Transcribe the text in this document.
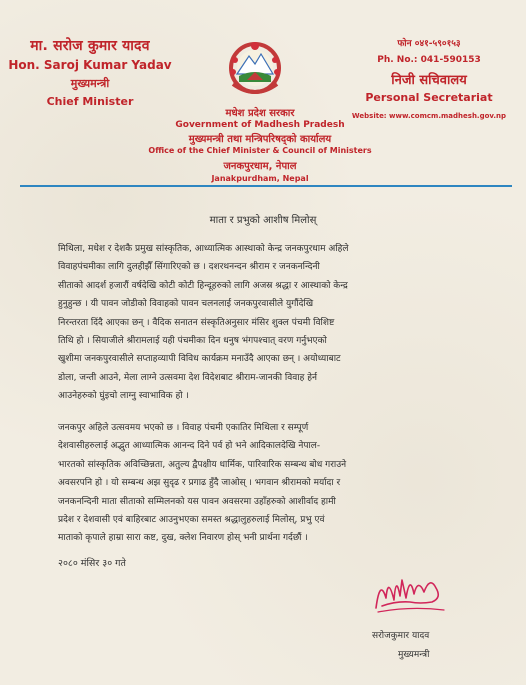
मा. सरोज कुमार यादव
Hon. Saroj Kumar Yadav
मुख्यमन्त्री
Chief Minister
मधेश प्रदेश सरकार
Government of Madhesh Pradesh
मुख्यमन्त्री तथा मन्त्रिपरिषद्को कार्यालय
Office of the Chief Minister & Council of Ministers
जनकपुरधाम, नेपाल
Janakpurdham, Nepal
फोन ०४१-५९०१५३
Ph. No.: 041-590153
निजी सचिवालय
Personal Secretariat
Website: www.comcm.madhesh.gov.np
माता र प्रभुको आशीष मिलोस्
मिथिला, मधेश र देशकै प्रमुख सांस्कृतिक, आध्यात्मिक आस्थाको केन्द्र जनकपुरधाम अहिले
विवाहपंचमीका लागि दुलहीझैँ सिंगारिएको छ । दशरथनन्दन श्रीराम र जनकनन्दिनी
सीताको आदर्श हजारौं वर्षदेखि कोटी कोटी हिन्दूहरुको लागि अजस्र श्रद्धा र आस्थाको केन्द्र
हुनुहुन्छ । यी पावन जोडीको विवाहको पावन चलनलाई जनकपुरवासीले युगौंदेखि
निरन्तरता दिंदै आएका छन् । वैदिक सनातन संस्कृतिअनुसार मंसिर शुक्ल पंचमी विशिष्ट
तिथि हो । सियाजीले श्रीरामलाई यही पंचमीका दिन धनुष भंगपश्चात् वरण गर्नुभएको
खुशीमा जनकपुरवासीले सप्ताहव्यापी विविध कार्यक्रम मनाउँदै आएका छन् । अयोध्याबाट
डोला, जन्ती आउने, मेला लाग्ने उत्सवमा देश विदेशबाट श्रीराम-जानकी विवाह हेर्न
आउनेहरुको घुंइचो लाग्नु स्वाभाविक हो ।
जनकपुर अहिले उत्सवमय भएको छ । विवाह पंचमी एकातिर मिथिला र सम्पूर्ण
देशवासीहरुलाई अद्भुत आध्यात्मिक आनन्द दिने पर्व हो भने आदिकालदेखि नेपाल-
भारतको सांस्कृतिक अविच्छिन्नता, अतुल्य द्वैपक्षीय धार्मिक, पारिवारिक सम्बन्ध बोध गराउने
अवसरपनि हो । यो सम्बन्ध अझ सुदृढ र प्रगाढ हुँदै जाओस् । भगवान श्रीरामको मर्यादा र
जनकनन्दिनी माता सीताको सम्मिलनको यस पावन अवसरमा उहाँहरुको आशीर्वाद हामी
प्रदेश र देशवासी एवं बाहिरबाट आउनुभएका समस्त श्रद्धालुहरुलाई मिलोस्, प्रभु एवं
माताको कृपाले हाम्रा सारा कष्ट, दुख, क्लेश निवारण होस् भनी प्रार्थना गर्दछौं ।
२०८० मंसिर ३० गते
सरोजकुमार यादव
मुख्यमन्त्री
